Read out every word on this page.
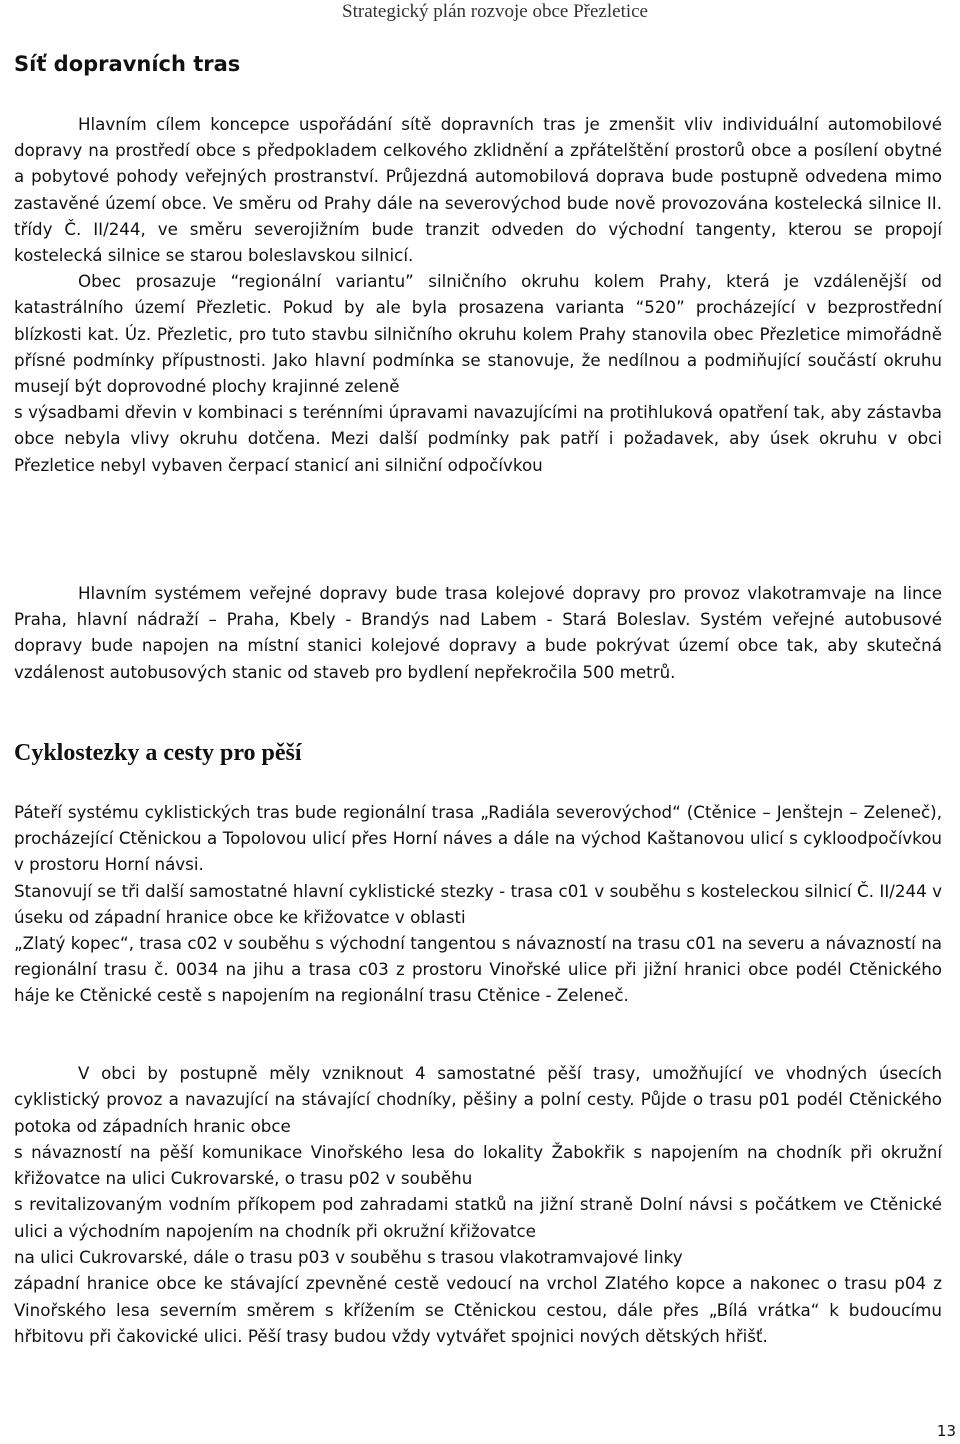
Strategický plán rozvoje obce Přezletice
Síť dopravních tras

Hlavním cílem koncepce uspořádání sítě dopravních tras je zmenšit vliv individuální automobilové dopravy na prostředí obce s předpokladem celkového zklidnění a zpřátelštění prostorů obce a posílení obytné a pobytové pohody veřejných prostranství. Průjezdná automobilová doprava bude postupně odvedena mimo zastavěné území obce. Ve směru od Prahy dále na severovýchod bude nově provozována kostelecká silnice II. třídy Č. II/244, ve směru severojižním bude tranzit odveden do východní tangenty, kterou se propojí kostelecká silnice se starou boleslavskou silnicí.

Obec prosazuje “regionální variantu” silničního okruhu kolem Prahy, která je vzdálenější od katastrálního území Přezletic. Pokud by ale byla prosazena varianta “520” procházející v bezprostřední blízkosti kat. Úz. Přezletic, pro tuto stavbu silničního okruhu kolem Prahy stanovila obec Přezletice mimořádně přísné podmínky přípustnosti. Jako hlavní podmínka se stanovuje, že nedílnou a podmiňující součástí okruhu musejí být doprovodné plochy krajinné zeleně

s výsadbami dřevin v kombinaci s terénními úpravami navazujícími na protihluková opatření tak, aby zástavba obce nebyla vlivy okruhu dotčena. Mezi další podmínky pak patří i požadavek, aby úsek okruhu v obci Přezletice nebyl vybaven čerpací stanicí ani silniční odpočívkou

Hlavním systémem veřejné dopravy bude trasa kolejové dopravy pro provoz vlakotramvaje na lince Praha, hlavní nádraží – Praha, Kbely - Brandýs nad Labem - Stará Boleslav. Systém veřejné autobusové dopravy bude napojen na místní stanici kolejové dopravy a bude pokrývat území obce tak, aby skutečná vzdálenost autobusových stanic od staveb pro bydlení nepřekročila 500 metrů.

Cyklostezky a cesty pro pěší

Páteří systému cyklistických tras bude regionální trasa „Radiála severovýchod“ (Ctěnice – Jenštejn – Zeleneč), procházející Ctěnickou a Topolovou ulicí přes Horní náves a dále na východ Kaštanovou ulicí s cykloodpočívkou v prostoru Horní návsi.

Stanovují se tři další samostatné hlavní cyklistické stezky - trasa c01 v souběhu s kosteleckou silnicí Č. II/244 v úseku od západní hranice obce ke křižovatce v oblasti

„Zlatý kopec“, trasa c02 v souběhu s východní tangentou s návazností na trasu c01 na severu a návazností na regionální trasu č. 0034 na jihu a trasa c03 z prostoru Vinořské ulice při jižní hranici obce podél Ctěnického háje ke Ctěnické cestě s napojením na regionální trasu Ctěnice - Zeleneč.

V obci by postupně měly vzniknout 4 samostatné pěší trasy, umožňující ve vhodných úsecích cyklistický provoz a navazující na stávající chodníky, pěšiny a polní cesty. Půjde o trasu p01 podél Ctěnického potoka od západních hranic obce

s návazností na pěší komunikace Vinořského lesa do lokality Žabokřik s napojením na chodník při okružní křižovatce na ulici Cukrovarské, o trasu p02 v souběhu

s revitalizovaným vodním příkopem pod zahradami statků na jižní straně Dolní návsi s počátkem ve Ctěnické ulici a východním napojením na chodník při okružní křižovatce

na ulici Cukrovarské, dále o trasu p03 v souběhu s trasou vlakotramvajové linky

západní hranice obce ke stávající zpevněné cestě vedoucí na vrchol Zlatého kopce a nakonec o trasu p04 z Vinořského lesa severním směrem s křížením se Ctěnickou cestou, dále přes „Bílá vrátka“ k budoucímu hřbitovu při čakovické ulici. Pěší trasy budou vždy vytvářet spojnici nových dětských hřišť.

13
